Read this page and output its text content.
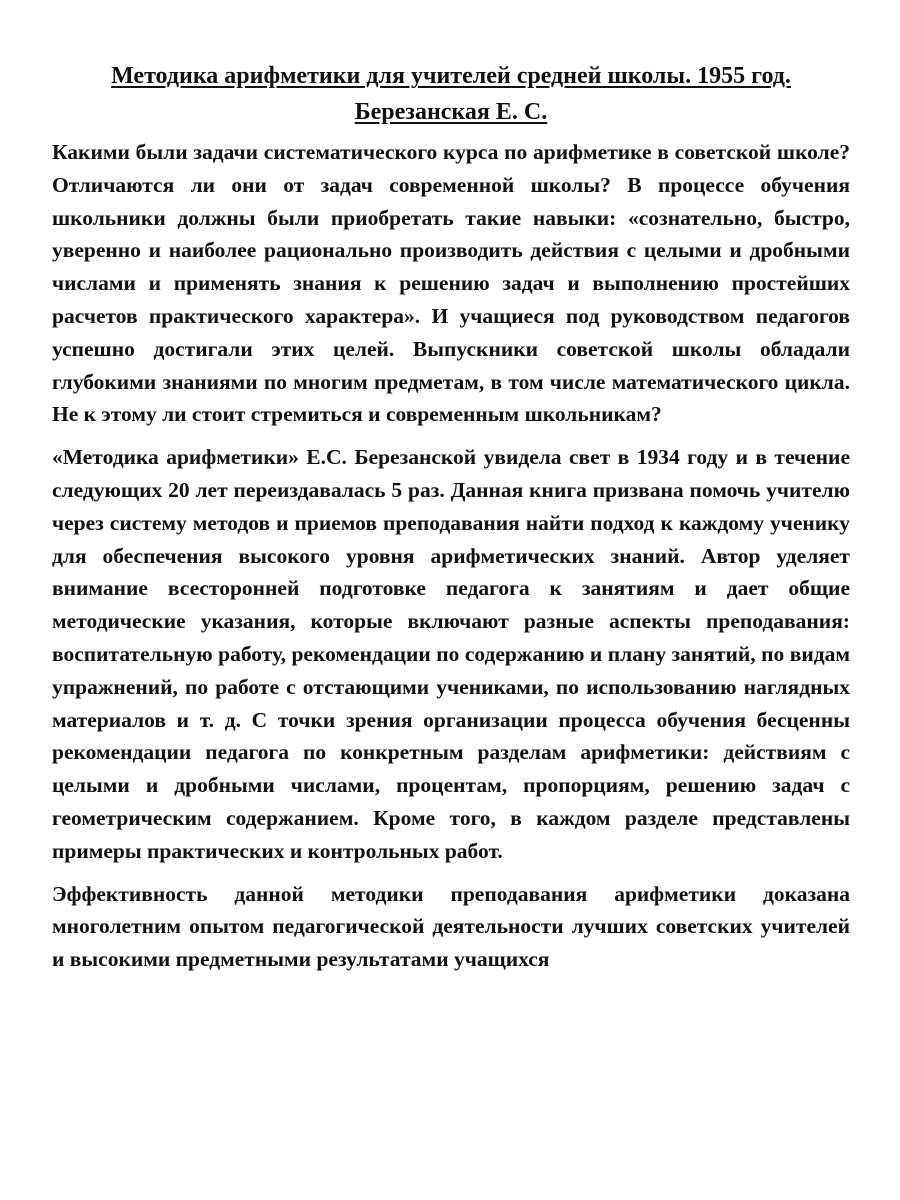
Методика арифметики для учителей средней школы. 1955 год.
Березанская Е. С.

Какими были задачи систематического курса по арифметике в советской школе? Отличаются ли они от задач современной школы? В процессе обучения школьники должны были приобретать такие навыки: «сознательно, быстро, уверенно и наиболее рационально производить действия с целыми и дробными числами и применять знания к решению задач и выполнению простейших расчетов практического характера». И учащиеся под руководством педагогов успешно достигали этих целей. Выпускники советской школы обладали глубокими знаниями по многим предметам, в том числе математического цикла. Не к этому ли стоит стремиться и современным школьникам?

«Методика арифметики» Е.С. Березанской увидела свет в 1934 году и в течение следующих 20 лет переиздавалась 5 раз. Данная книга призвана помочь учителю через систему методов и приемов преподавания найти подход к каждому ученику для обеспечения высокого уровня арифметических знаний. Автор уделяет внимание всесторонней подготовке педагога к занятиям и дает общие методические указания, которые включают разные аспекты преподавания: воспитательную работу, рекомендации по содержанию и плану занятий, по видам упражнений, по работе с отстающими учениками, по использованию наглядных материалов и т. д. С точки зрения организации процесса обучения бесценны рекомендации педагога по конкретным разделам арифметики: действиям с целыми и дробными числами, процентам, пропорциям, решению задач с геометрическим содержанием. Кроме того, в каждом разделе представлены примеры практических и контрольных работ.

Эффективность данной методики преподавания арифметики доказана многолетним опытом педагогической деятельности лучших советских учителей и высокими предметными результатами учащихся
